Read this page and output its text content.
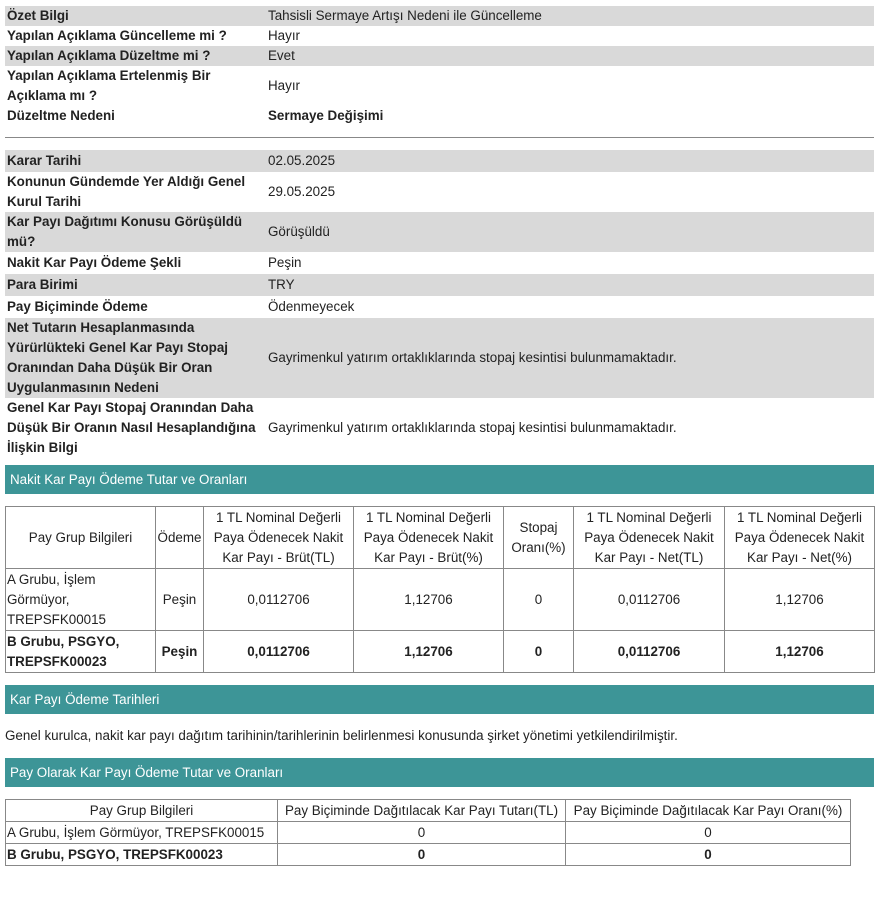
Özet Bilgi	Tahsisli Sermaye Artışı Nedeni ile Güncelleme
Yapılan Açıklama Güncelleme mi ?	Hayır
Yapılan Açıklama Düzeltme mi ?	Evet
Yapılan Açıklama Ertelenmiş Bir Açıklama mı ?	Hayır
Düzeltme Nedeni	Sermaye Değişimi
Karar Tarihi	02.05.2025
Konunun Gündemde Yer Aldığı Genel Kurul Tarihi	29.05.2025
Kar Payı Dağıtımı Konusu Görüşüldü mü?	Görüşüldü
Nakit Kar Payı Ödeme Şekli	Peşin
Para Birimi	TRY
Pay Biçiminde Ödeme	Ödenmeyecek
Net Tutarın Hesaplanmasında Yürürlükteki Genel Kar Payı Stopaj Oranından Daha Düşük Bir Oran Uygulanmasının Nedeni	Gayrimenkul yatırım ortaklıklarında stopaj kesintisi bulunmamaktadır.
Genel Kar Payı Stopaj Oranından Daha Düşük Bir Oranın Nasıl Hesaplandığına İlişkin Bilgi	Gayrimenkul yatırım ortaklıklarında stopaj kesintisi bulunmamaktadır.
Nakit Kar Payı Ödeme Tutar ve Oranları
Pay Grup Bilgileri	Ödeme	1 TL Nominal Değerli Paya Ödenecek Nakit Kar Payı - Brüt(TL)	1 TL Nominal Değerli Paya Ödenecek Nakit Kar Payı - Brüt(%)	Stopaj Oranı(%)	1 TL Nominal Değerli Paya Ödenecek Nakit Kar Payı - Net(TL)	1 TL Nominal Değerli Paya Ödenecek Nakit Kar Payı - Net(%)
A Grubu, İşlem Görmüyor, TREPSFK00015	Peşin	0,0112706	1,12706	0	0,0112706	1,12706
B Grubu, PSGYO, TREPSFK00023	Peşin	0,0112706	1,12706	0	0,0112706	1,12706
Kar Payı Ödeme Tarihleri
Genel kurulca, nakit kar payı dağıtım tarihinin/tarihlerinin belirlenmesi konusunda şirket yönetimi yetkilendirilmiştir.
Pay Olarak Kar Payı Ödeme Tutar ve Oranları
Pay Grup Bilgileri	Pay Biçiminde Dağıtılacak Kar Payı Tutarı(TL)	Pay Biçiminde Dağıtılacak Kar Payı Oranı(%)
A Grubu, İşlem Görmüyor, TREPSFK00015	0	0
B Grubu, PSGYO, TREPSFK00023	0	0
